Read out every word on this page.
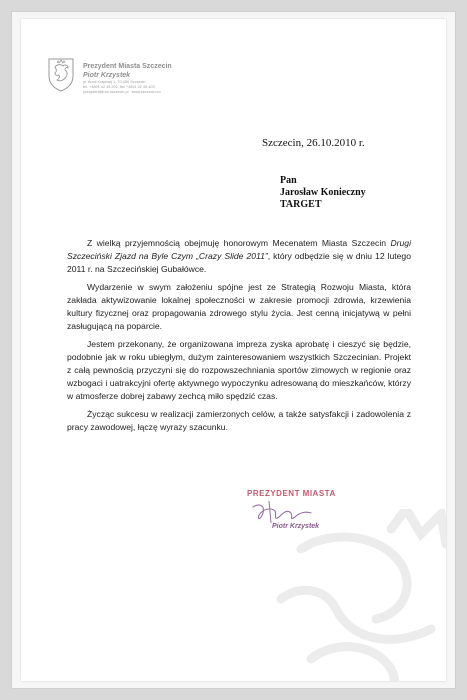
Prezydent Miasta Szczecin
Piotr Krzystek
pl. Armii Krajowej 1, 70-456 Szczecin
tel. +4891 42 45 201, fax +4891 42 45 403
prezydent@um.szczecin.pl · www.szczecin.eu
Szczecin, 26.10.2010 r.
Pan
Jarosław Konieczny
TARGET

Z wielką przyjemnością obejmuję honorowym Mecenatem Miasta Szczecin Drugi Szczeciński Zjazd na Byle Czym „Crazy Slide 2011”, który odbędzie się w dniu 12 lutego 2011 r. na Szczecińskiej Gubałówce.

Wydarzenie w swym założeniu spójne jest ze Strategią Rozwoju Miasta, która zakłada aktywizowanie lokalnej społeczności w zakresie promocji zdrowia, krzewienia kultury fizycznej oraz propagowania zdrowego stylu życia. Jest cenną inicjatywą w pełni zasługującą na poparcie.

Jestem przekonany, że organizowana impreza zyska aprobatę i cieszyć się będzie, podobnie jak w roku ubiegłym, dużym zainteresowaniem wszystkich Szczecinian. Projekt z całą pewnością przyczyni się do rozpowszechniania sportów zimowych w regionie oraz wzbogaci i uatrakcyjni ofertę aktywnego wypoczynku adresowaną do mieszkańców, którzy w atmosferze dobrej zabawy zechcą miło spędzić czas.

Życząc sukcesu w realizacji zamierzonych celów, a także satysfakcji i zadowolenia z pracy zawodowej, łączę wyrazy szacunku.

PREZYDENT MIASTA
Piotr Krzystek
